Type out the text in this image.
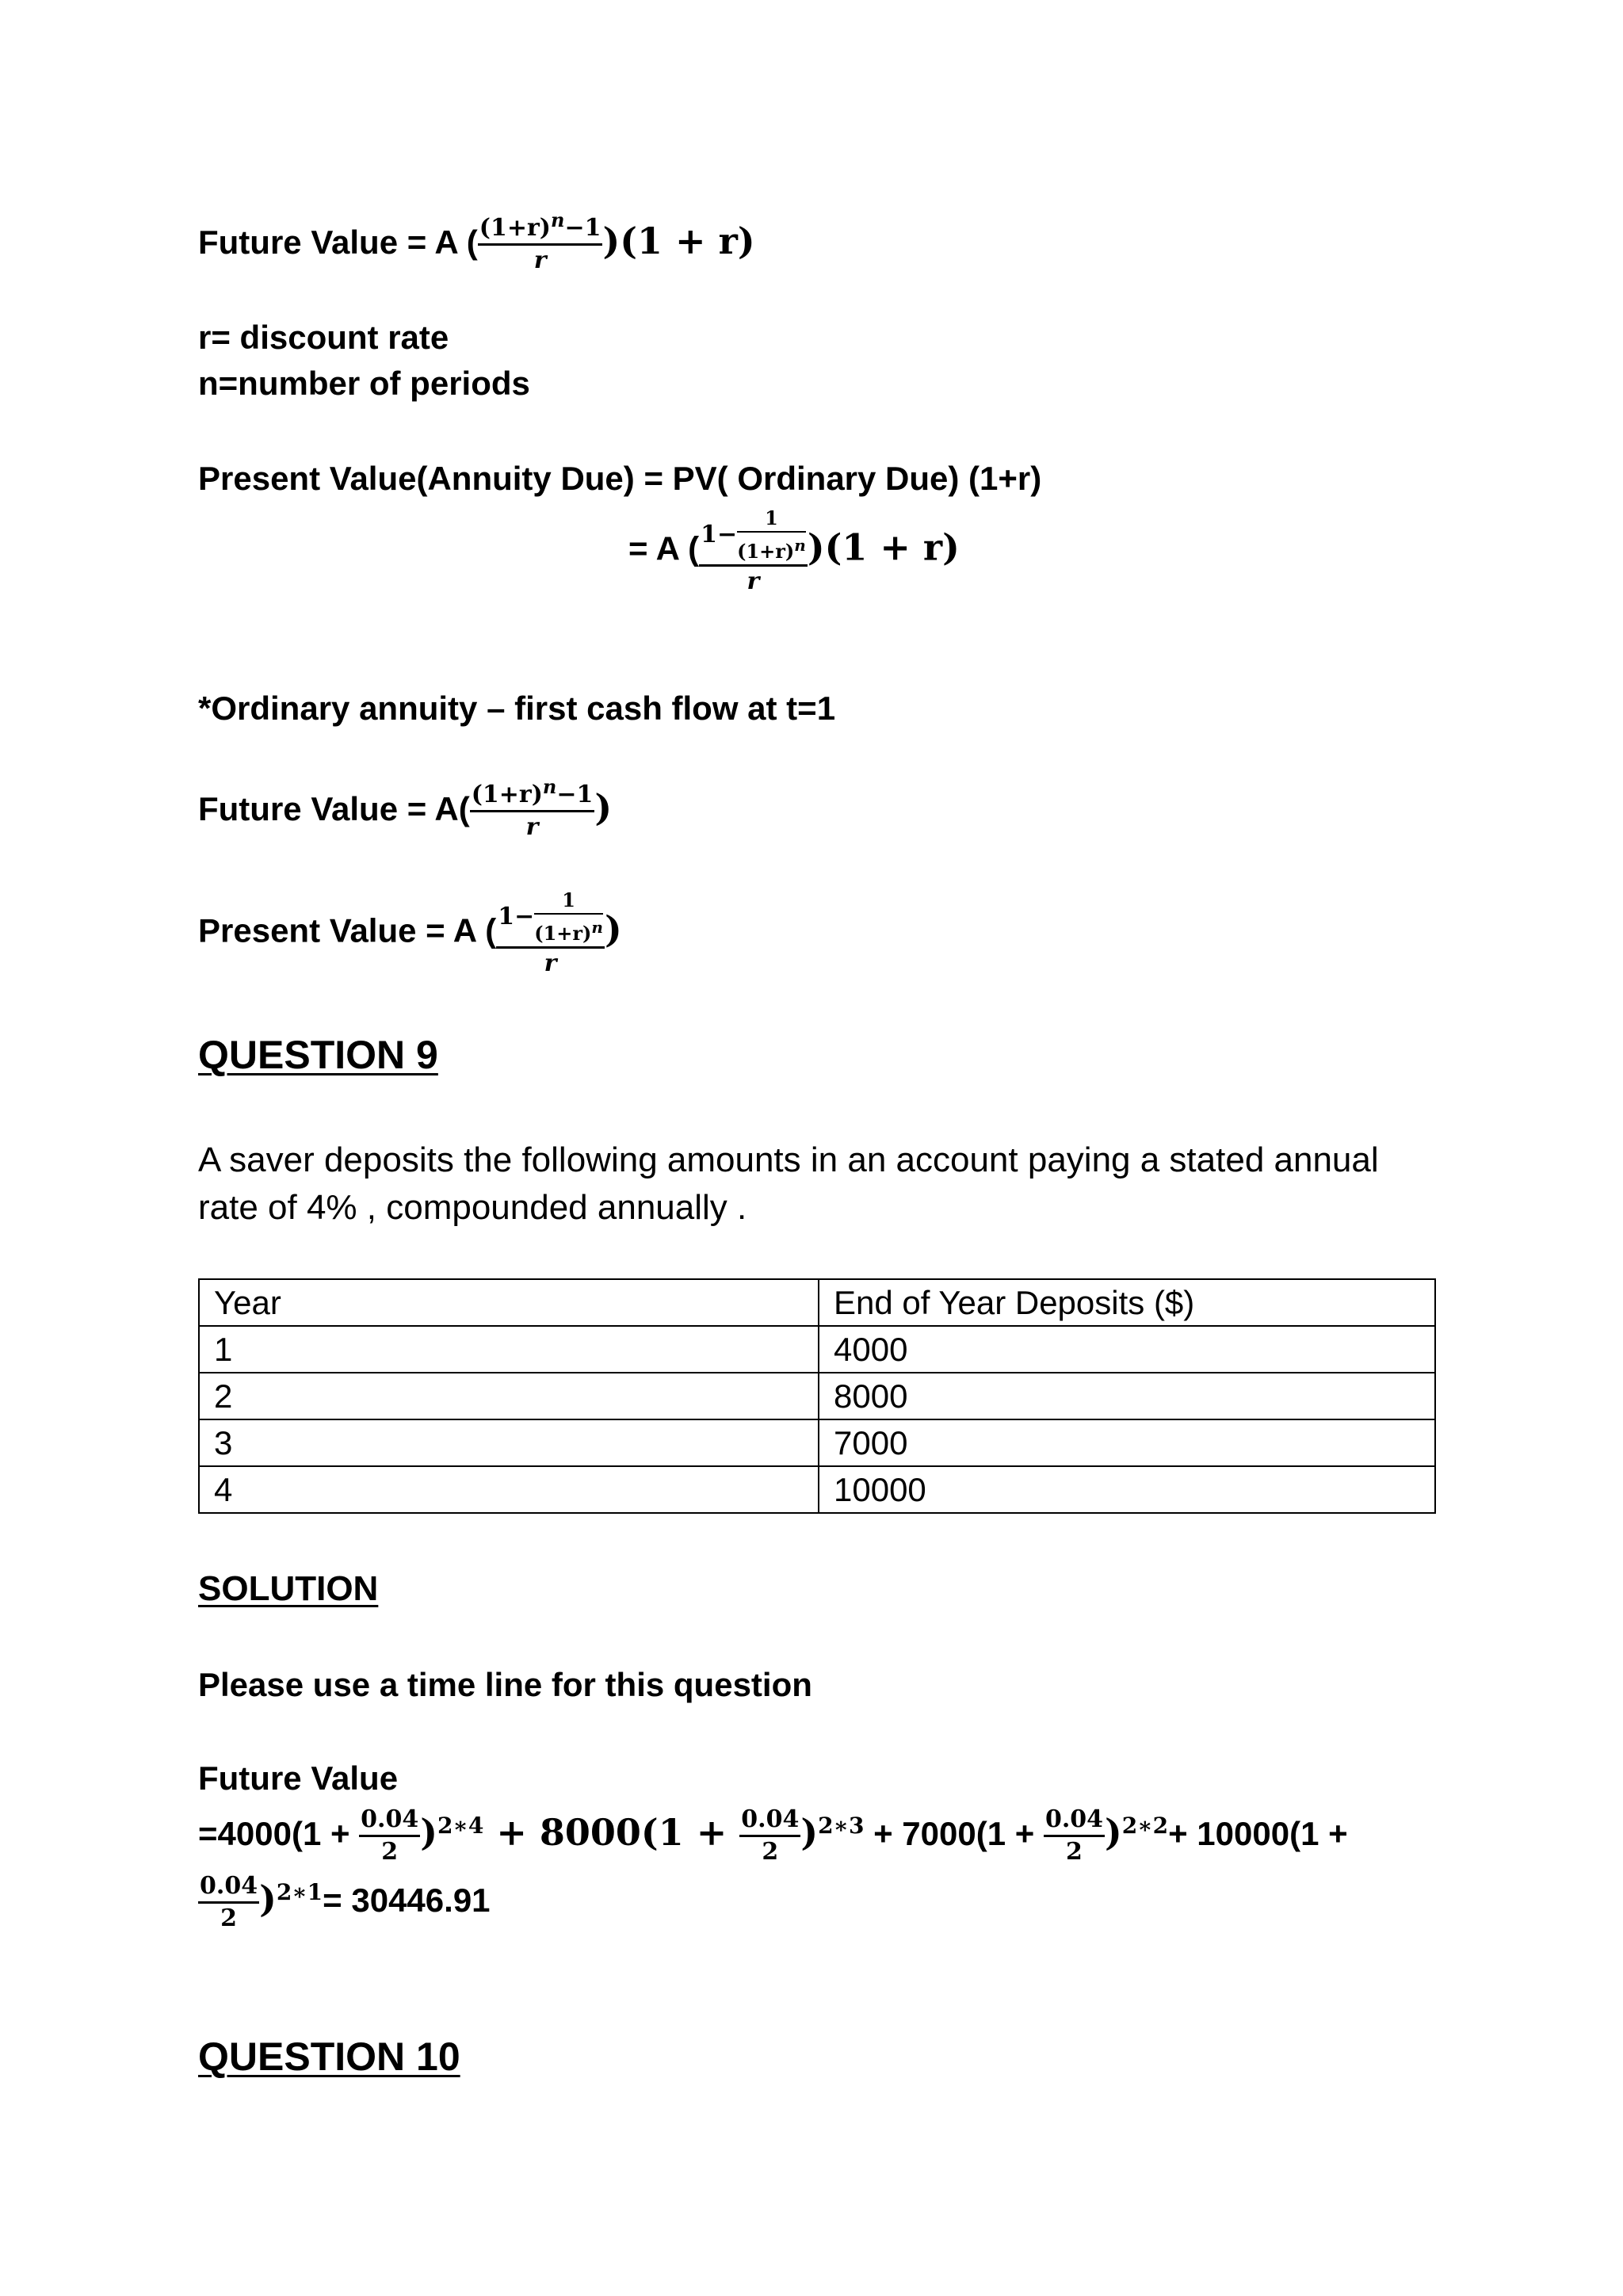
Future Value = A ( $\frac{(1+r)^n-1}{r} )(1 + r)$
r= discount rate
n=number of periods
Present Value(Annuity Due) = PV( Ordinary Due) (1+r)
= A ( $\frac{1- \frac{1}{(1+r)^n}}{r} )(1 + r)$
*Ordinary annuity – first cash flow at t=1
Future Value = $A( \frac{(1+r)^n-1}{r}$ )
Present Value = A ( $\frac{1- \frac{1}{(1+r)^n}}{r}$ )
QUESTION 9
A saver deposits the following amounts in an account paying a stated annual
rate of 4% , compounded annually .
Year	End of Year Deposits ($)
1	4000
2	8000
3	7000
4	10000
SOLUTION
Please use a time line for this question
Future Value
$=4000(1 + \frac{0.04}{2} )^{2∗4} + 8000(1 + \frac{0.04}{2} )^{2∗3} + 7000(1 + \frac{0.04}{2} )^{2∗2}+ 10000(1$ +
$\frac{0.04}{2} )^{2∗1}= 30446.91$
QUESTION 10
